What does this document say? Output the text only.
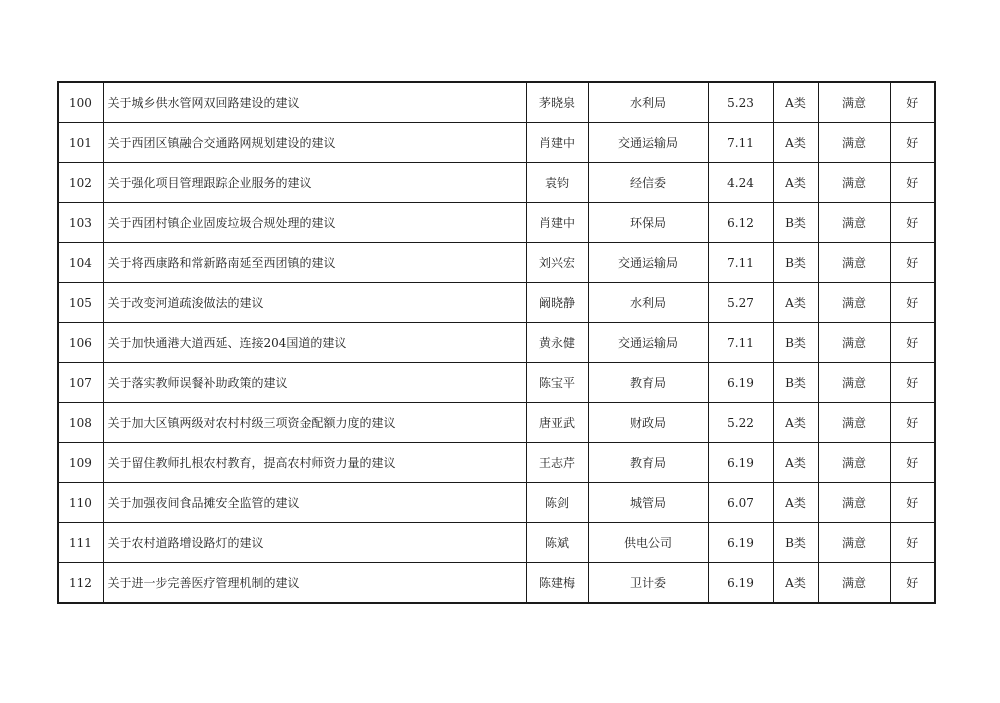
100	关于城乡供水管网双回路建设的建议	茅晓泉	水利局	5.23	A类	满意	好
101	关于西团区镇融合交通路网规划建设的建议	肖建中	交通运输局	7.11	A类	满意	好
102	关于强化项目管理跟踪企业服务的建议	袁钧	经信委	4.24	A类	满意	好
103	关于西团村镇企业固废垃圾合规处理的建议	肖建中	环保局	6.12	B类	满意	好
104	关于将西康路和常新路南延至西团镇的建议	刘兴宏	交通运输局	7.11	B类	满意	好
105	关于改变河道疏浚做法的建议	阚晓静	水利局	5.27	A类	满意	好
106	关于加快通港大道西延、连接204国道的建议	黄永健	交通运输局	7.11	B类	满意	好
107	关于落实教师误餐补助政策的建议	陈宝平	教育局	6.19	B类	满意	好
108	关于加大区镇两级对农村村级三项资金配额力度的建议	唐亚武	财政局	5.22	A类	满意	好
109	关于留住教师扎根农村教育，提高农村师资力量的建议	王志芹	教育局	6.19	A类	满意	好
110	关于加强夜间食品摊安全监管的建议	陈剑	城管局	6.07	A类	满意	好
111	关于农村道路增设路灯的建议	陈斌	供电公司	6.19	B类	满意	好
112	关于进一步完善医疗管理机制的建议	陈建梅	卫计委	6.19	A类	满意	好
